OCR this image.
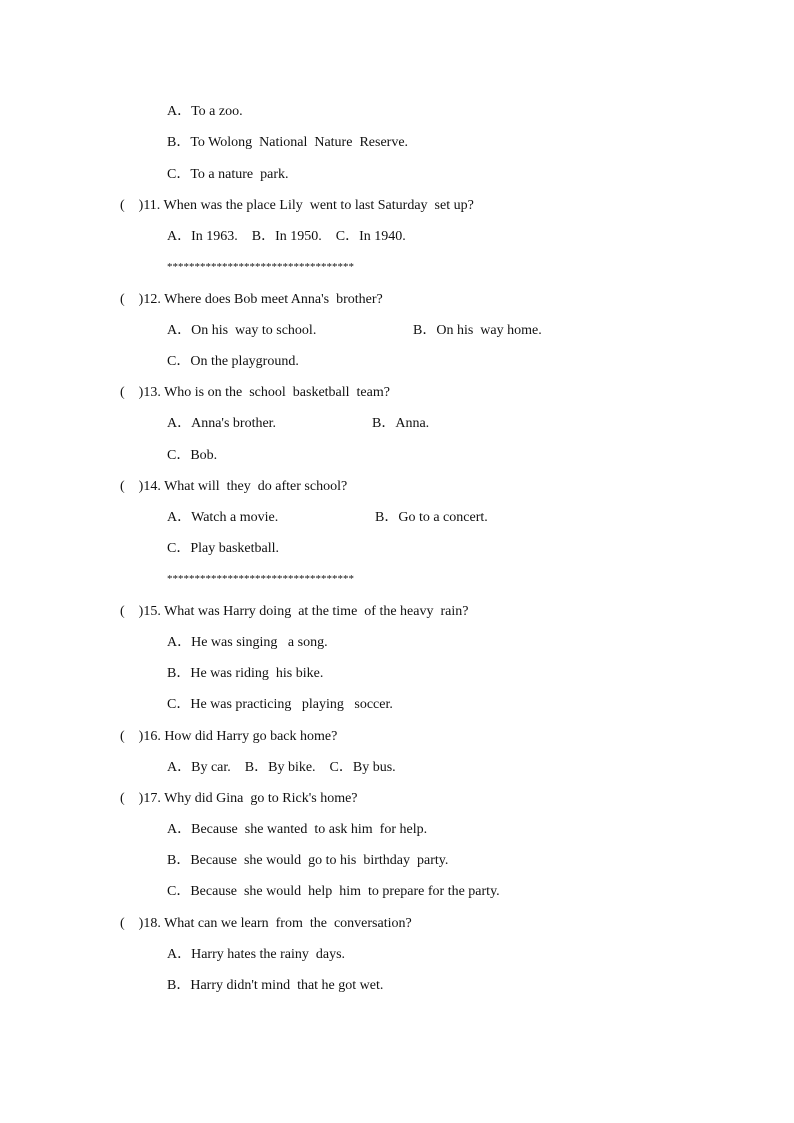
A．To a zoo.
B．To Wolong  National  Nature  Reserve.
C．To a nature  park.
(    )11. When was the place Lily  went to last Saturday  set up?
A．In 1963.    B．In 1950.    C．In 1940.
**********************************
(    )12. Where does Bob meet Anna's  brother?
A．On his  way to school.	B．On his  way home.
C．On the playground.
(    )13. Who is on the  school  basketball  team?
A．Anna's brother.	B．Anna.
C．Bob.
(    )14. What will  they  do after school?
A．Watch a movie.	B．Go to a concert.
C．Play basketball.
**********************************
(    )15. What was Harry doing  at the time  of the heavy  rain?
A．He was singing   a song.
B．He was riding  his bike.
C．He was practicing   playing   soccer.
(    )16. How did Harry go back home?
A．By car.    B．By bike.    C．By bus.
(    )17. Why did Gina  go to Rick's home?
A．Because  she wanted  to ask him  for help.
B．Because  she would  go to his  birthday  party.
C．Because  she would  help  him  to prepare for the party.
(    )18. What can we learn  from  the  conversation?
A．Harry hates the rainy  days.
B．Harry didn't mind  that he got wet.
